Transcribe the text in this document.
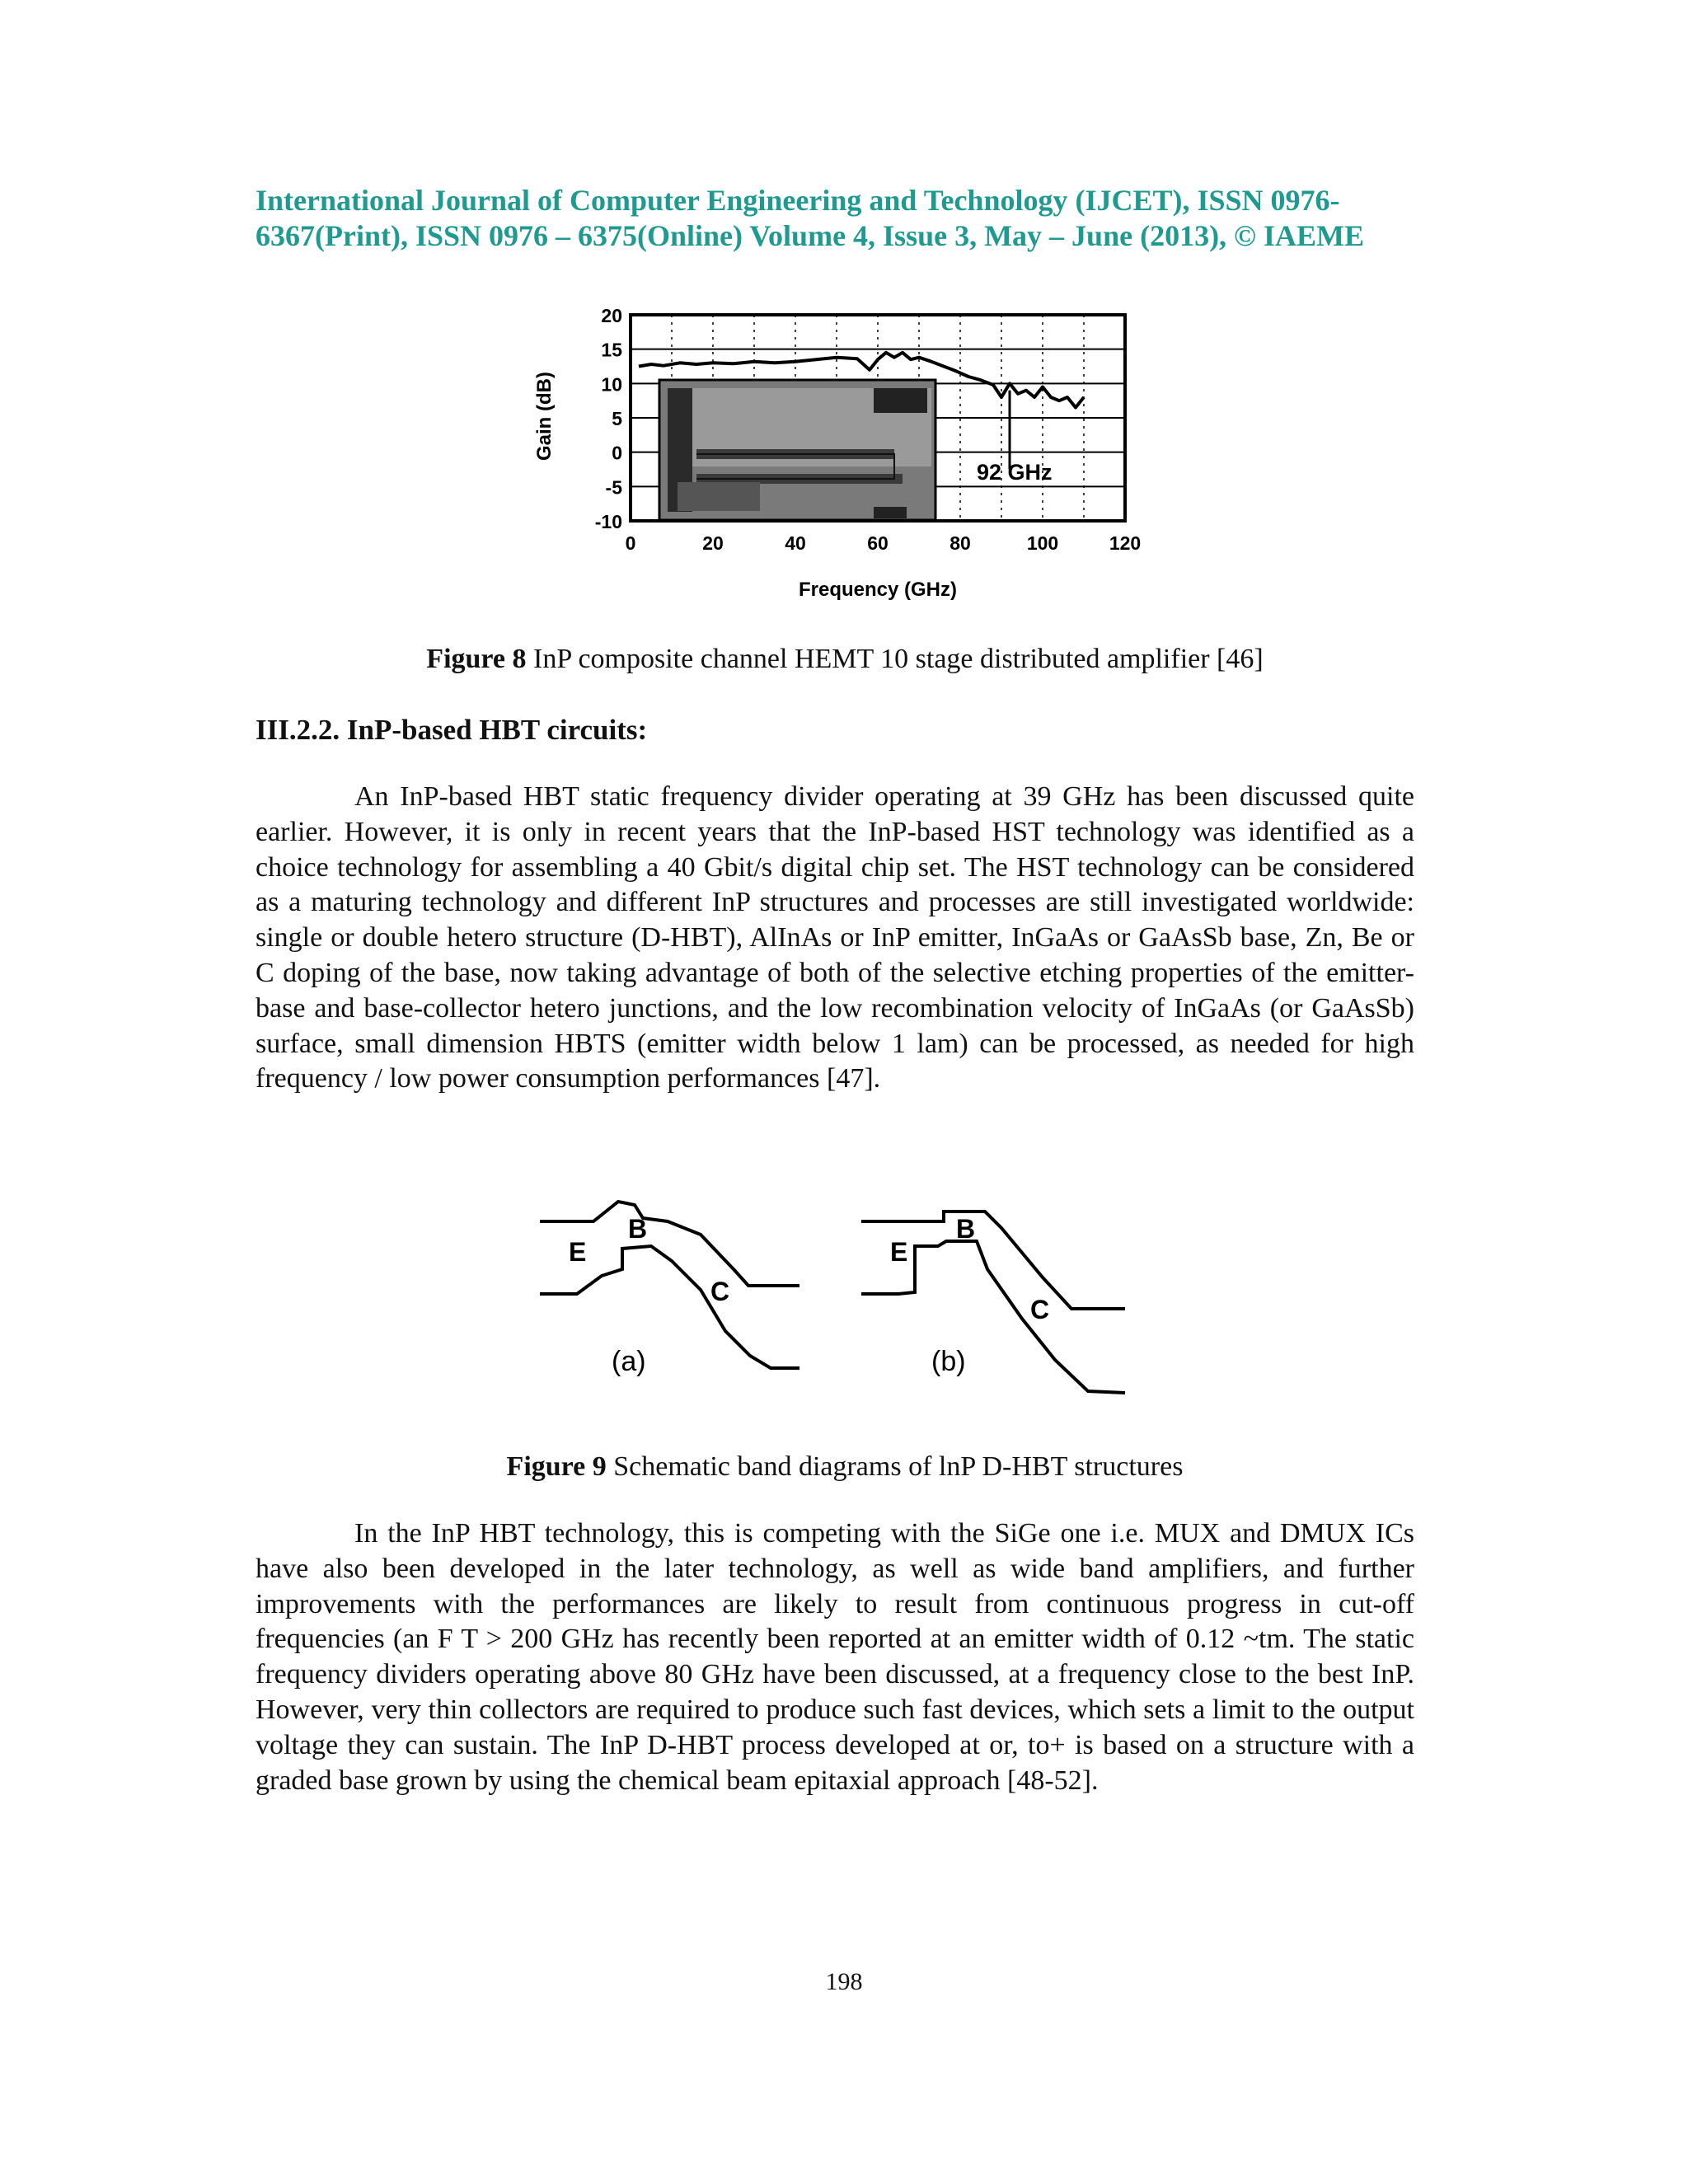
International Journal of Computer Engineering and Technology (IJCET), ISSN 0976-
6367(Print), ISSN 0976 – 6375(Online) Volume 4, Issue 3, May – June (2013), © IAEME
20
15
10
5
0
-5
-10
0	20	40	60	80	100	120
92 GHz
Gain (dB)
Frequency (GHz)
Figure 8 InP composite channel HEMT 10 stage distributed amplifier [46]
III.2.2. InP-based HBT circuits:

An InP-based HBT static frequency divider operating at 39 GHz has been discussed quite earlier. However, it is only in recent years that the InP-based HST technology was identified as a choice technology for assembling a 40 Gbit/s digital chip set. The HST technology can be considered as a maturing technology and different InP structures and processes are still investigated worldwide: single or double hetero structure (D-HBT), AlInAs or InP emitter, InGaAs or GaAsSb base, Zn, Be or C doping of the base, now taking advantage of both of the selective etching properties of the emitter-base and base-collector hetero junctions, and the low recombination velocity of InGaAs (or GaAsSb) surface, small dimension HBTS (emitter width below 1 lam) can be processed, as needed for high frequency / low power consumption performances [47].

E
B
C
(a)
E
B
C
(b)
Figure 9 Schematic band diagrams of lnP D-HBT structures

In the InP HBT technology, this is competing with the SiGe one i.e. MUX and DMUX ICs have also been developed in the later technology, as well as wide band amplifiers, and further improvements with the performances are likely to result from continuous progress in cut-off frequencies (an F T > 200 GHz has recently been reported at an emitter width of 0.12 ~tm. The static frequency dividers operating above 80 GHz have been discussed, at a frequency close to the best InP. However, very thin collectors are required to produce such fast devices, which sets a limit to the output voltage they can sustain. The InP D-HBT process developed at or, to+ is based on a structure with a graded base grown by using the chemical beam epitaxial approach [48-52].

198
